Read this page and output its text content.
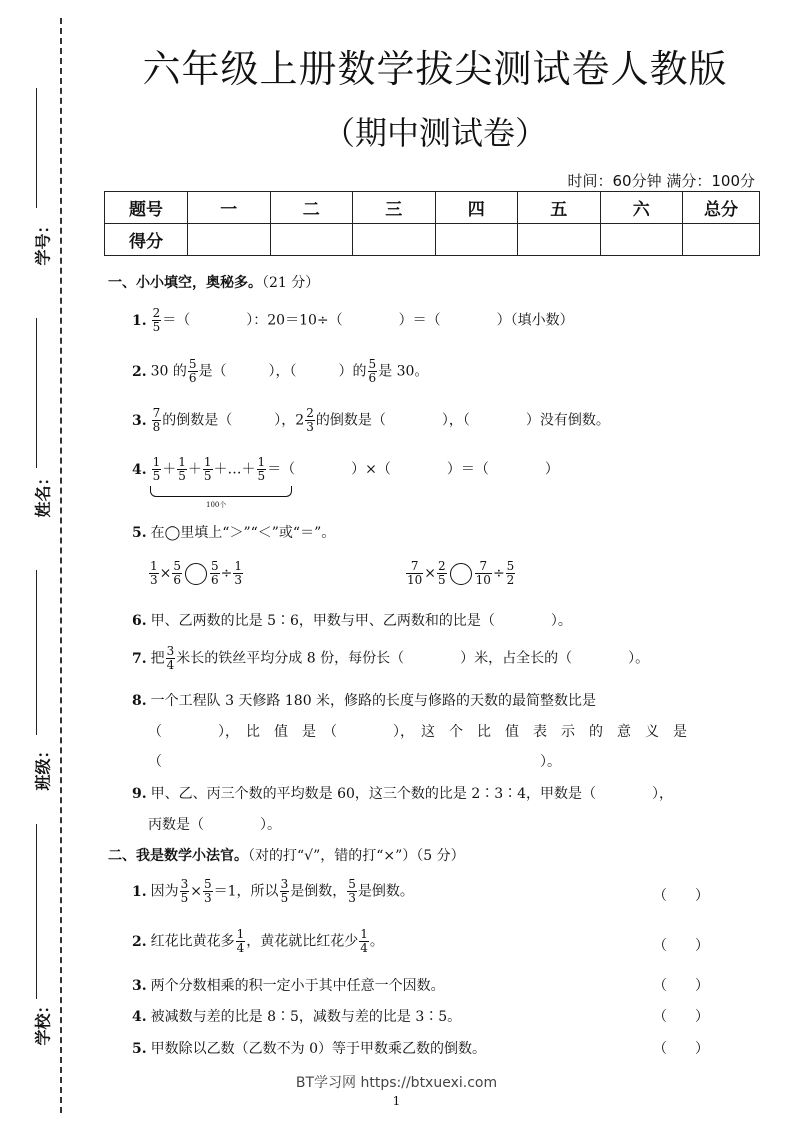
学号：
姓名：
班级：
学校：
六年级上册数学拔尖测试卷人教版
（期中测试卷）
时间：60分钟 满分：100分
题号	一	二	三	四	五	六	总分
得分							
一、小小填空，奥秘多。（21 分）
1. $\frac{2}{5}$ ＝（　　　　）：20＝10÷（　　　　）＝（　　　　）（填小数）
2. 30 的 $\frac{5}{6}$ 是（　　　），（　　　）的 $\frac{5}{6}$ 是 30。
3. $\frac{7}{8}$ 的倒数是（　　　），$2 \frac{2}{3}$ 的倒数是（　　　　），（　　　　）没有倒数。
4. $\frac{1}{5} + \frac{1}{5} + \frac{1}{5}$ ＋…＋ $\frac{1}{5}$ ＝（　　　　）×（　　　　）＝（　　　　）
100个
5. 在◯里填上“＞”“＜”或“＝”。
$\frac{1}{3} \times \frac{5}{6} \frac{5}{6} \div \frac{1}{3}$	$\frac{7}{10} \times \frac{2}{5} \frac{7}{10} \div \frac{5}{2}$
6. 甲、乙两数的比是 5∶6，甲数与甲、乙两数和的比是（　　　　）。
7. 把 $\frac{3}{4}$ 米长的铁丝平均分成 8 份，每份长（　　　　）米，占全长的（　　　　）。
8. 一个工程队 3 天修路 180 米，修路的长度与修路的天数的最简整数比是
（　　　　），　比　值　是　（　　　　），　这　个　比　值　表　示　的　意　义　是
（　　　　　　　　　　　　　　　　　　　　　　　　　　　）。
9. 甲、乙、丙三个数的平均数是 60，这三个数的比是 2∶3∶4，甲数是（　　　　），
丙数是（　　　　）。
二、我是数学小法官。（对的打“√”，错的打“×”）（5 分）
1. 因为 $\frac{3}{5} \times \frac{5}{3} =1$，所以 $\frac{3}{5}$ 是倒数， $\frac{5}{3}$ 是倒数。	（　　）
2. 红花比黄花多 $\frac{1}{4}$ ，黄花就比红花少 $\frac{1}{4}$ 。	（　　）
3. 两个分数相乘的积一定小于其中任意一个因数。	（　　）
4. 被减数与差的比是 8∶5，减数与差的比是 3∶5。	（　　）
5. 甲数除以乙数（乙数不为 0）等于甲数乘乙数的倒数。	（　　）
BT学习网 https://btxuexi.com
1
